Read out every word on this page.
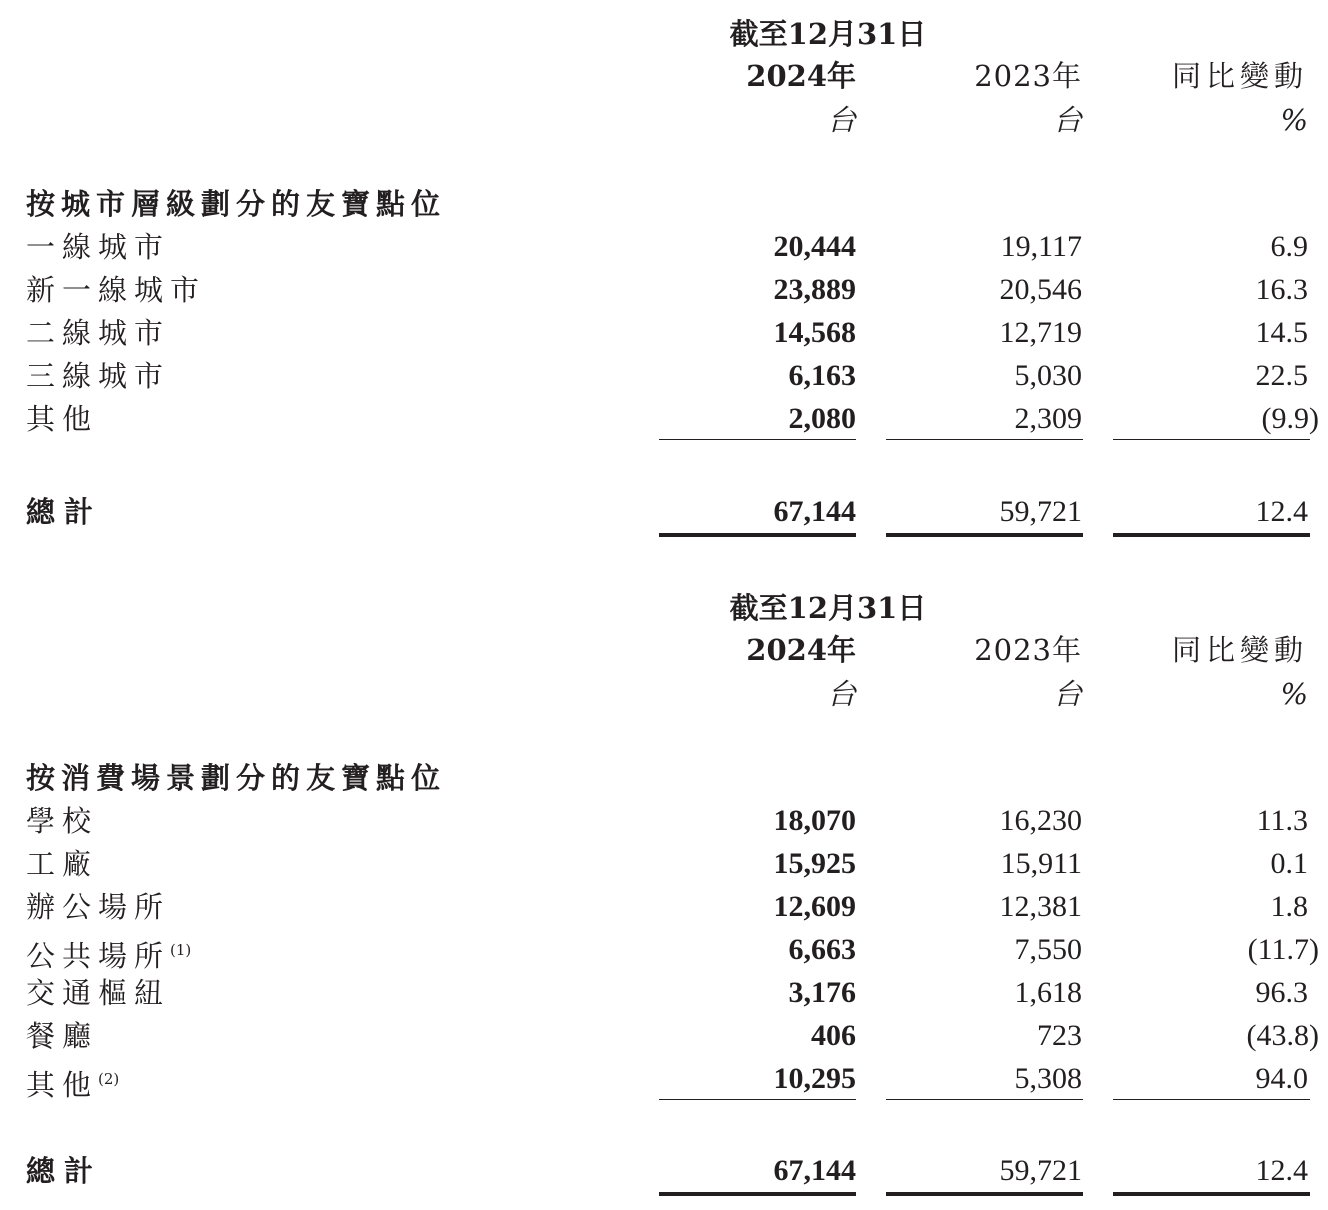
截至12月31日
2024年	2023年	同比變動
台	台	%
按城市層級劃分的友寶點位
一線城市	20,444	19,117	6.9
新一線城市	23,889	20,546	16.3
二線城市	14,568	12,719	14.5
三線城市	6,163	5,030	22.5
其他	2,080	2,309	(9.9)
總計	67,144	59,721	12.4
截至12月31日
2024年	2023年	同比變動
台	台	%
按消費場景劃分的友寶點位
學校	18,070	16,230	11.3
工廠	15,925	15,911	0.1
辦公場所	12,609	12,381	1.8
公共場所$^{(1)}$	6,663	7,550	(11.7)
交通樞紐	3,176	1,618	96.3
餐廳	406	723	(43.8)
其他$^{(2)}$	10,295	5,308	94.0
總計	67,144	59,721	12.4
